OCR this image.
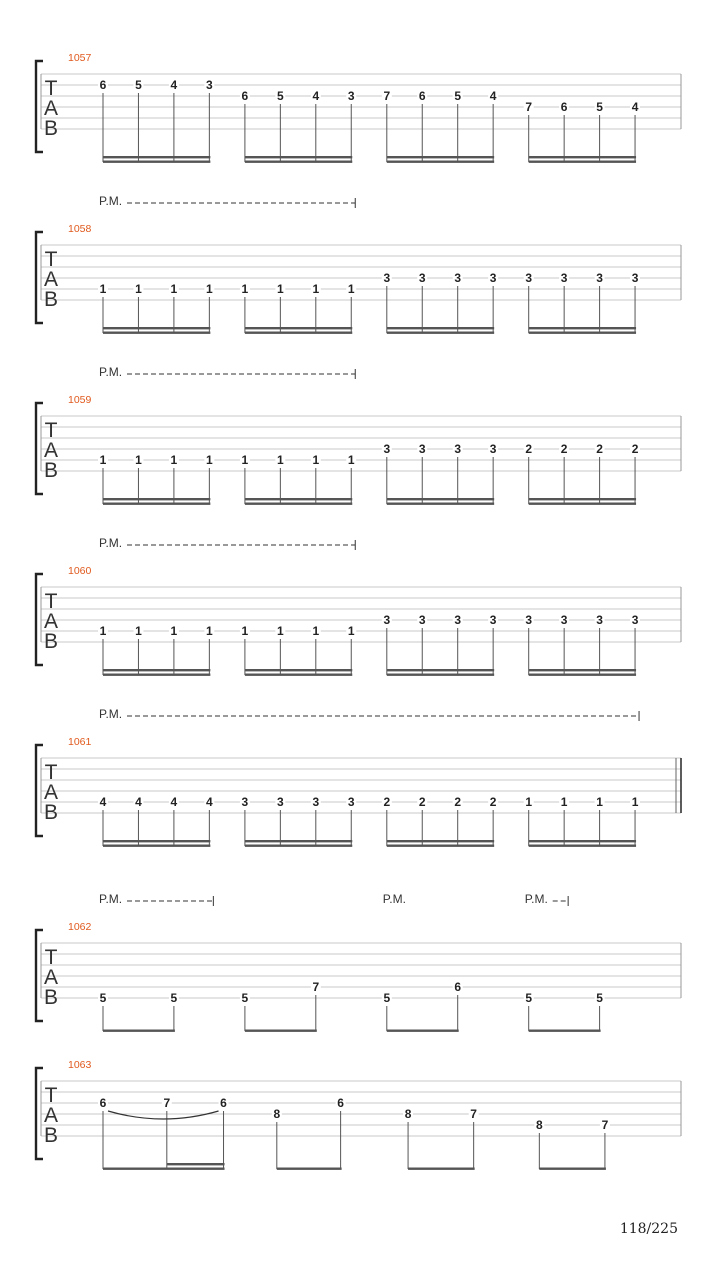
1057
T
A
B
6 5 4 3
6 5 4 3 7 6 5 4
7 6 5 4
P.M.
1058
T
A
B	1 1 1 1 1 1 1 1
3 3 3 3 3 3 3 3
P.M.
1059
T
A
B	1 1 1 1 1 1 1 1
3 3 3 3 2 2 2 2
P.M.
1060
T
A
B	1 1 1 1 1 1 1 1
3 3 3 3 3 3 3 3
P.M.
1061
T
A
B	4 4 4 4 3 3 3 3 2 2 2 2 1 1 1 1
P.M.	P.M.	P.M.
1062
T
A
B	5	5	5
7
5
6
5	5
1063
T
A
B
6	7	6
8
6
8	7
8	7
118/225
